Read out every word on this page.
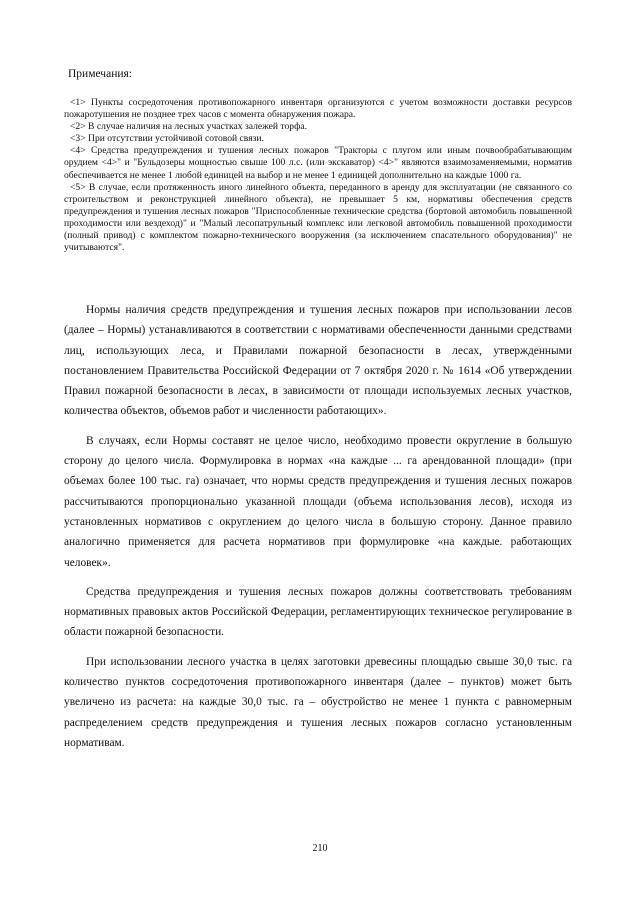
Примечания:

<1> Пункты сосредоточения противопожарного инвентаря организуются с учетом возможности доставки ресурсов пожаротушения не позднее трех часов с момента обнаружения пожара.

<2> В случае наличия на лесных участках залежей торфа.

<3> При отсутствии устойчивой сотовой связи.

<4> Средства предупреждения и тушения лесных пожаров "Тракторы с плугом или иным почвообрабатывающим орудием <4>" и "Бульдозеры мощностью свыше 100 л.с. (или экскаватор) <4>" являются взаимозаменяемыми, норматив обеспечивается не менее 1 любой единицей на выбор и не менее 1 единицей дополнительно на каждые 1000 га.

<5> В случае, если протяженность иного линейного объекта, переданного в аренду для эксплуатации (не связанного со строительством и реконструкцией линейного объекта), не превышает 5 км, нормативы обеспечения средств предупреждения и тушения лесных пожаров "Приспособленные технические средства (бортовой автомобиль повышенной проходимости или вездеход)" и "Малый лесопатрульный комплекс или легковой автомобиль повышенной проходимости (полный привод) с комплектом пожарно-технического вооружения (за исключением спасательного оборудования)" не учитываются".

Нормы наличия средств предупреждения и тушения лесных пожаров при использовании лесов (далее – Нормы) устанавливаются в соответствии с нормативами обеспеченности данными средствами лиц, использующих леса, и Правилами пожарной безопасности в лесах, утвержденными постановлением Правительства Российской Федерации от 7 октября 2020 г. № 1614 «Об утверждении Правил пожарной безопасности в лесах, в зависимости от площади используемых лесных участков, количества объектов, объемов работ и численности работающих».

В случаях, если Нормы составят не целое число, необходимо провести округление в большую сторону до целого числа. Формулировка в нормах «на каждые ... га арендованной площади» (при объемах более 100 тыс. га) означает, что нормы средств предупреждения и тушения лесных пожаров рассчитываются пропорционально указанной площади (объема использования лесов), исходя из установленных нормативов с округлением до целого числа в большую сторону. Данное правило аналогично применяется для расчета нормативов при формулировке «на каждые. работающих человек».

Средства предупреждения и тушения лесных пожаров должны соответствовать требованиям нормативных правовых актов Российской Федерации, регламентирующих техническое регулирование в области пожарной безопасности.

При использовании лесного участка в целях заготовки древесины площадью свыше 30,0 тыс. га количество пунктов сосредоточения противопожарного инвентаря (далее – пунктов) может быть увеличено из расчета: на каждые 30,0 тыс. га – обустройство не менее 1 пункта с равномерным распределением средств предупреждения и тушения лесных пожаров согласно установленным нормативам.

210
